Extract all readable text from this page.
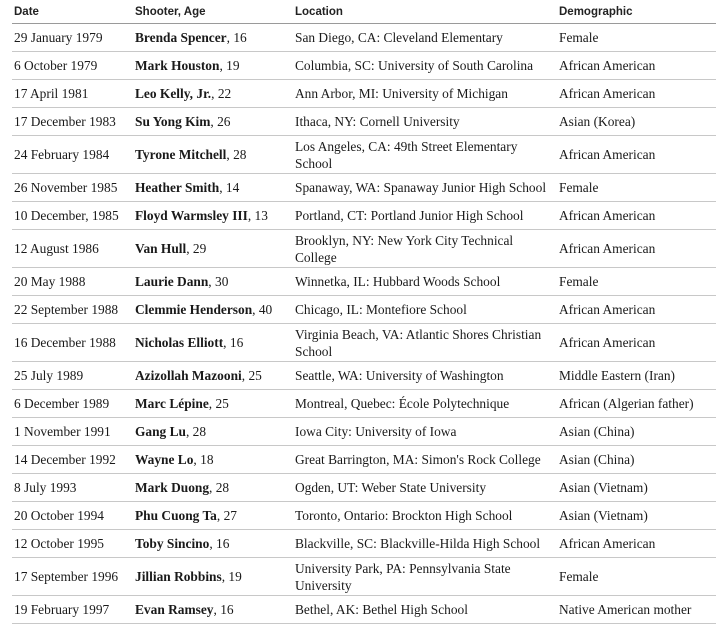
Date	Shooter, Age	Location	Demographic
29 January 1979	Brenda Spencer, 16	San Diego, CA: Cleveland Elementary	Female
6 October 1979	Mark Houston, 19	Columbia, SC: University of South Carolina	African American
17 April 1981	Leo Kelly, Jr., 22	Ann Arbor, MI: University of Michigan	African American
17 December 1983	Su Yong Kim, 26	Ithaca, NY: Cornell University	Asian (Korea)
24 February 1984	Tyrone Mitchell, 28	Los Angeles, CA: 49th Street Elementary School	African American
26 November 1985	Heather Smith, 14	Spanaway, WA: Spanaway Junior High School	Female
10 December, 1985	Floyd Warmsley III, 13	Portland, CT: Portland Junior High School	African American
12 August 1986	Van Hull, 29	Brooklyn, NY: New York City Technical College	African American
20 May 1988	Laurie Dann, 30	Winnetka, IL: Hubbard Woods School	Female
22 September 1988	Clemmie Henderson, 40	Chicago, IL: Montefiore School	African American
16 December 1988	Nicholas Elliott, 16	Virginia Beach, VA: Atlantic Shores Christian School	African American
25 July 1989	Azizollah Mazooni, 25	Seattle, WA: University of Washington	Middle Eastern (Iran)
6 December 1989	Marc Lépine, 25	Montreal, Quebec: École Polytechnique	African (Algerian father)
1 November 1991	Gang Lu, 28	Iowa City: University of Iowa	Asian (China)
14 December 1992	Wayne Lo, 18	Great Barrington, MA: Simon's Rock College	Asian (China)
8 July 1993	Mark Duong, 28	Ogden, UT: Weber State University	Asian (Vietnam)
20 October 1994	Phu Cuong Ta, 27	Toronto, Ontario: Brockton High School	Asian (Vietnam)
12 October 1995	Toby Sincino, 16	Blackville, SC: Blackville-Hilda High School	African American
17 September 1996	Jillian Robbins, 19	University Park, PA: Pennsylvania State University	Female
19 February 1997	Evan Ramsey, 16	Bethel, AK: Bethel High School	Native American mother
